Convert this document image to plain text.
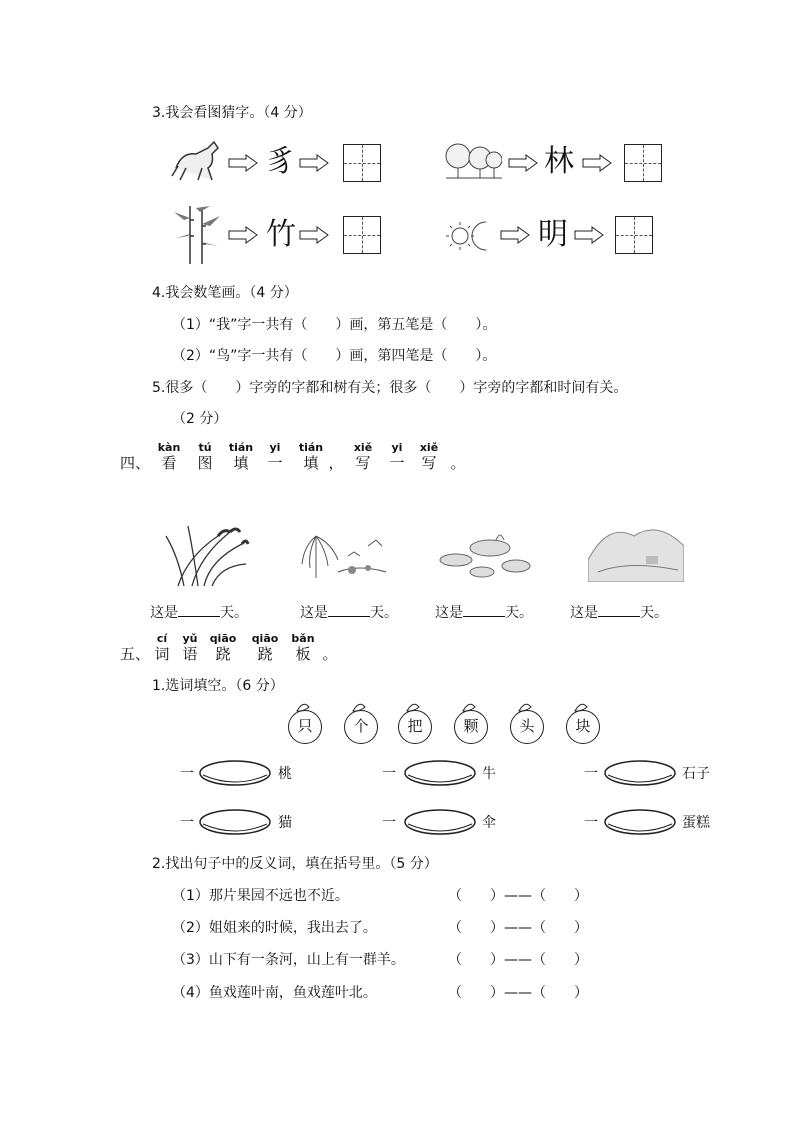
3.我会看图猜字。（4 分）
豸	林
竹	明
4.我会数笔画。（4 分）
（1）“我”字一共有（　　）画，第五笔是（　　）。
（2）“鸟”字一共有（　　）画，第四笔是（　　）。
5.很多（　　）字旁的字都和树有关；很多（　　）字旁的字都和时间有关。
（2 分）

四、
kàn
看
tú
图
tián
填
yi
一
tián
填
，
xiě
写
yi
一
xiě
写
。
这是	天。	这是	天。	这是	天。	这是	天。

五、
cí
词
yǔ
语
qiāo
跷
qiāo
跷
bǎn
板
。
1.选词填空。（6 分）
只	个	把	颗	头	块
一	桃	一	牛	一	石子
一	猫	一	伞	一	蛋糕
2.找出句子中的反义词，填在括号里。（5 分）
（1）那片果园不远也不近。	（　　）——（　　）
（2）姐姐来的时候，我出去了。	（　　）——（　　）
（3）山下有一条河，山上有一群羊。	（　　）——（　　）
（4）鱼戏莲叶南，鱼戏莲叶北。	（　　）——（　　）
